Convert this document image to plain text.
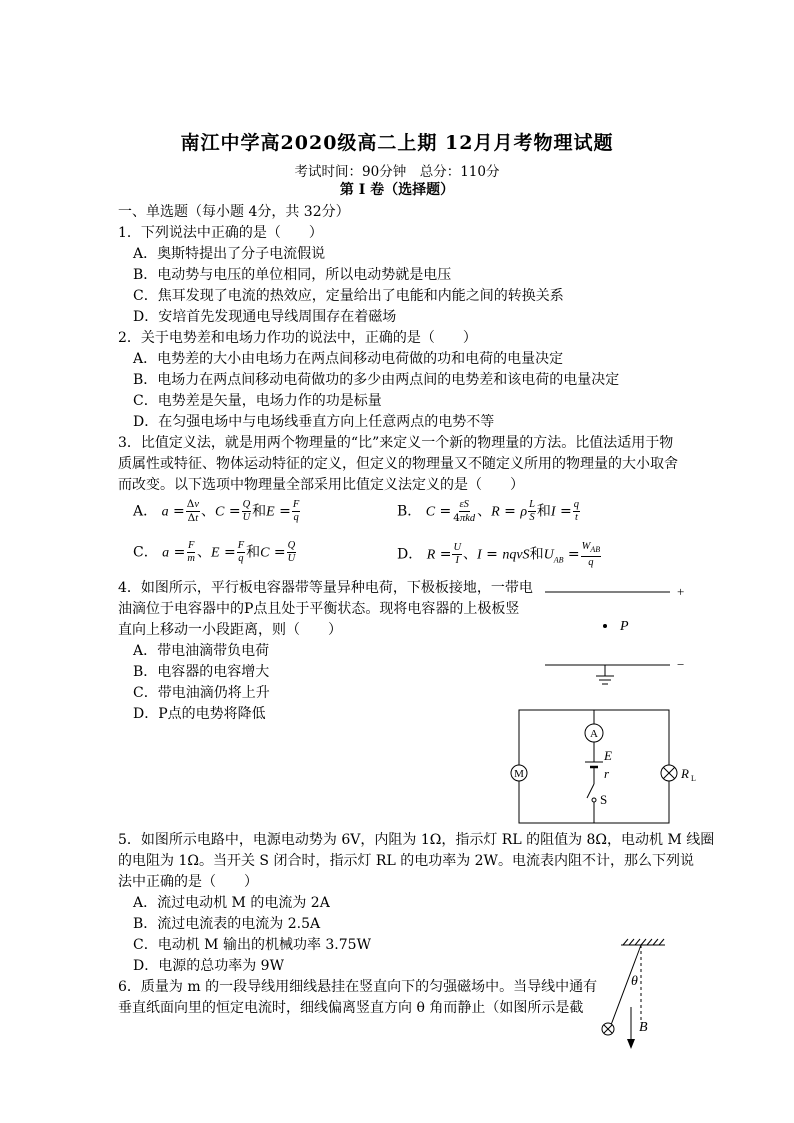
南江中学高2020级高二上期 12月月考物理试题
考试时间：90分钟　总分：110分
第 I 卷（选择题）
一、单选题（每小题 4分，共 32分）
1．下列说法中正确的是（　　）
A．奥斯特提出了分子电流假说
B．电动势与电压的单位相同，所以电动势就是电压
C．焦耳发现了电流的热效应，定量给出了电能和内能之间的转换关系
D．安培首先发现通电导线周围存在着磁场
2．关于电势差和电场力作功的说法中，正确的是（　　）
A．电势差的大小由电场力在两点间移动电荷做的功和电荷的电量决定
B．电场力在两点间移动电荷做功的多少由两点间的电势差和该电荷的电量决定
C．电势差是矢量，电场力作的功是标量
D．在匀强电场中与电场线垂直方向上任意两点的电势不等
3．比值定义法，就是用两个物理量的“比”来定义一个新的物理量的方法。比值法适用于物
质属性或特征、物体运动特征的定义，但定义的物理量又不随定义所用的物理量的大小取舍
而改变。以下选项中物理量全部采用比值定义法定义的是（　　）
A． $a = \frac{\Delta v}{\Delta t}$ 、$C = \frac{Q}{U}$ 和$E = \frac{F}{q}$	B． $C = \frac{\varepsilon S}{\text{4πkd}}$ 、R = ρ $\frac{L}{S}$ 和$I = \frac{q}{t}$
C． $a = \frac{F}{m}$ 、$E = \frac{F}{q}$ 和$C = \frac{Q}{U}$	D． $R = \frac{U}{I}$ 、I = nqvS和$U_{AB} = \frac{W_{AB}}{q}$
4．如图所示，平行板电容器带等量异种电荷，下极板接地，一带电
油滴位于电容器中的P点且处于平衡状态。现将电容器的上极板竖
直向上移动一小段距离，则（　　）
A．带电油滴带负电荷
B．电容器的电容增大
C．带电油滴仍将上升
D．P点的电势将降低
+
P
−
M	R L
A
E
r
S
5．如图所示电路中，电源电动势为 6V，内阻为 1Ω，指示灯 RL 的阻值为 8Ω，电动机 M 线圈
的电阻为 1Ω。当开关 S 闭合时，指示灯 RL 的电功率为 2W。电流表内阻不计，那么下列说
法中正确的是（　　）
A．流过电动机 M 的电流为 2A
B．流过电流表的电流为 2.5A
C．电动机 M 输出的机械功率 3.75W
D．电源的总功率为 9W
6．质量为 m 的一段导线用细线悬挂在竖直向下的匀强磁场中。当导线中通有
垂直纸面向里的恒定电流时，细线偏离竖直方向 θ 角而静止（如图所示是截
θ
B
